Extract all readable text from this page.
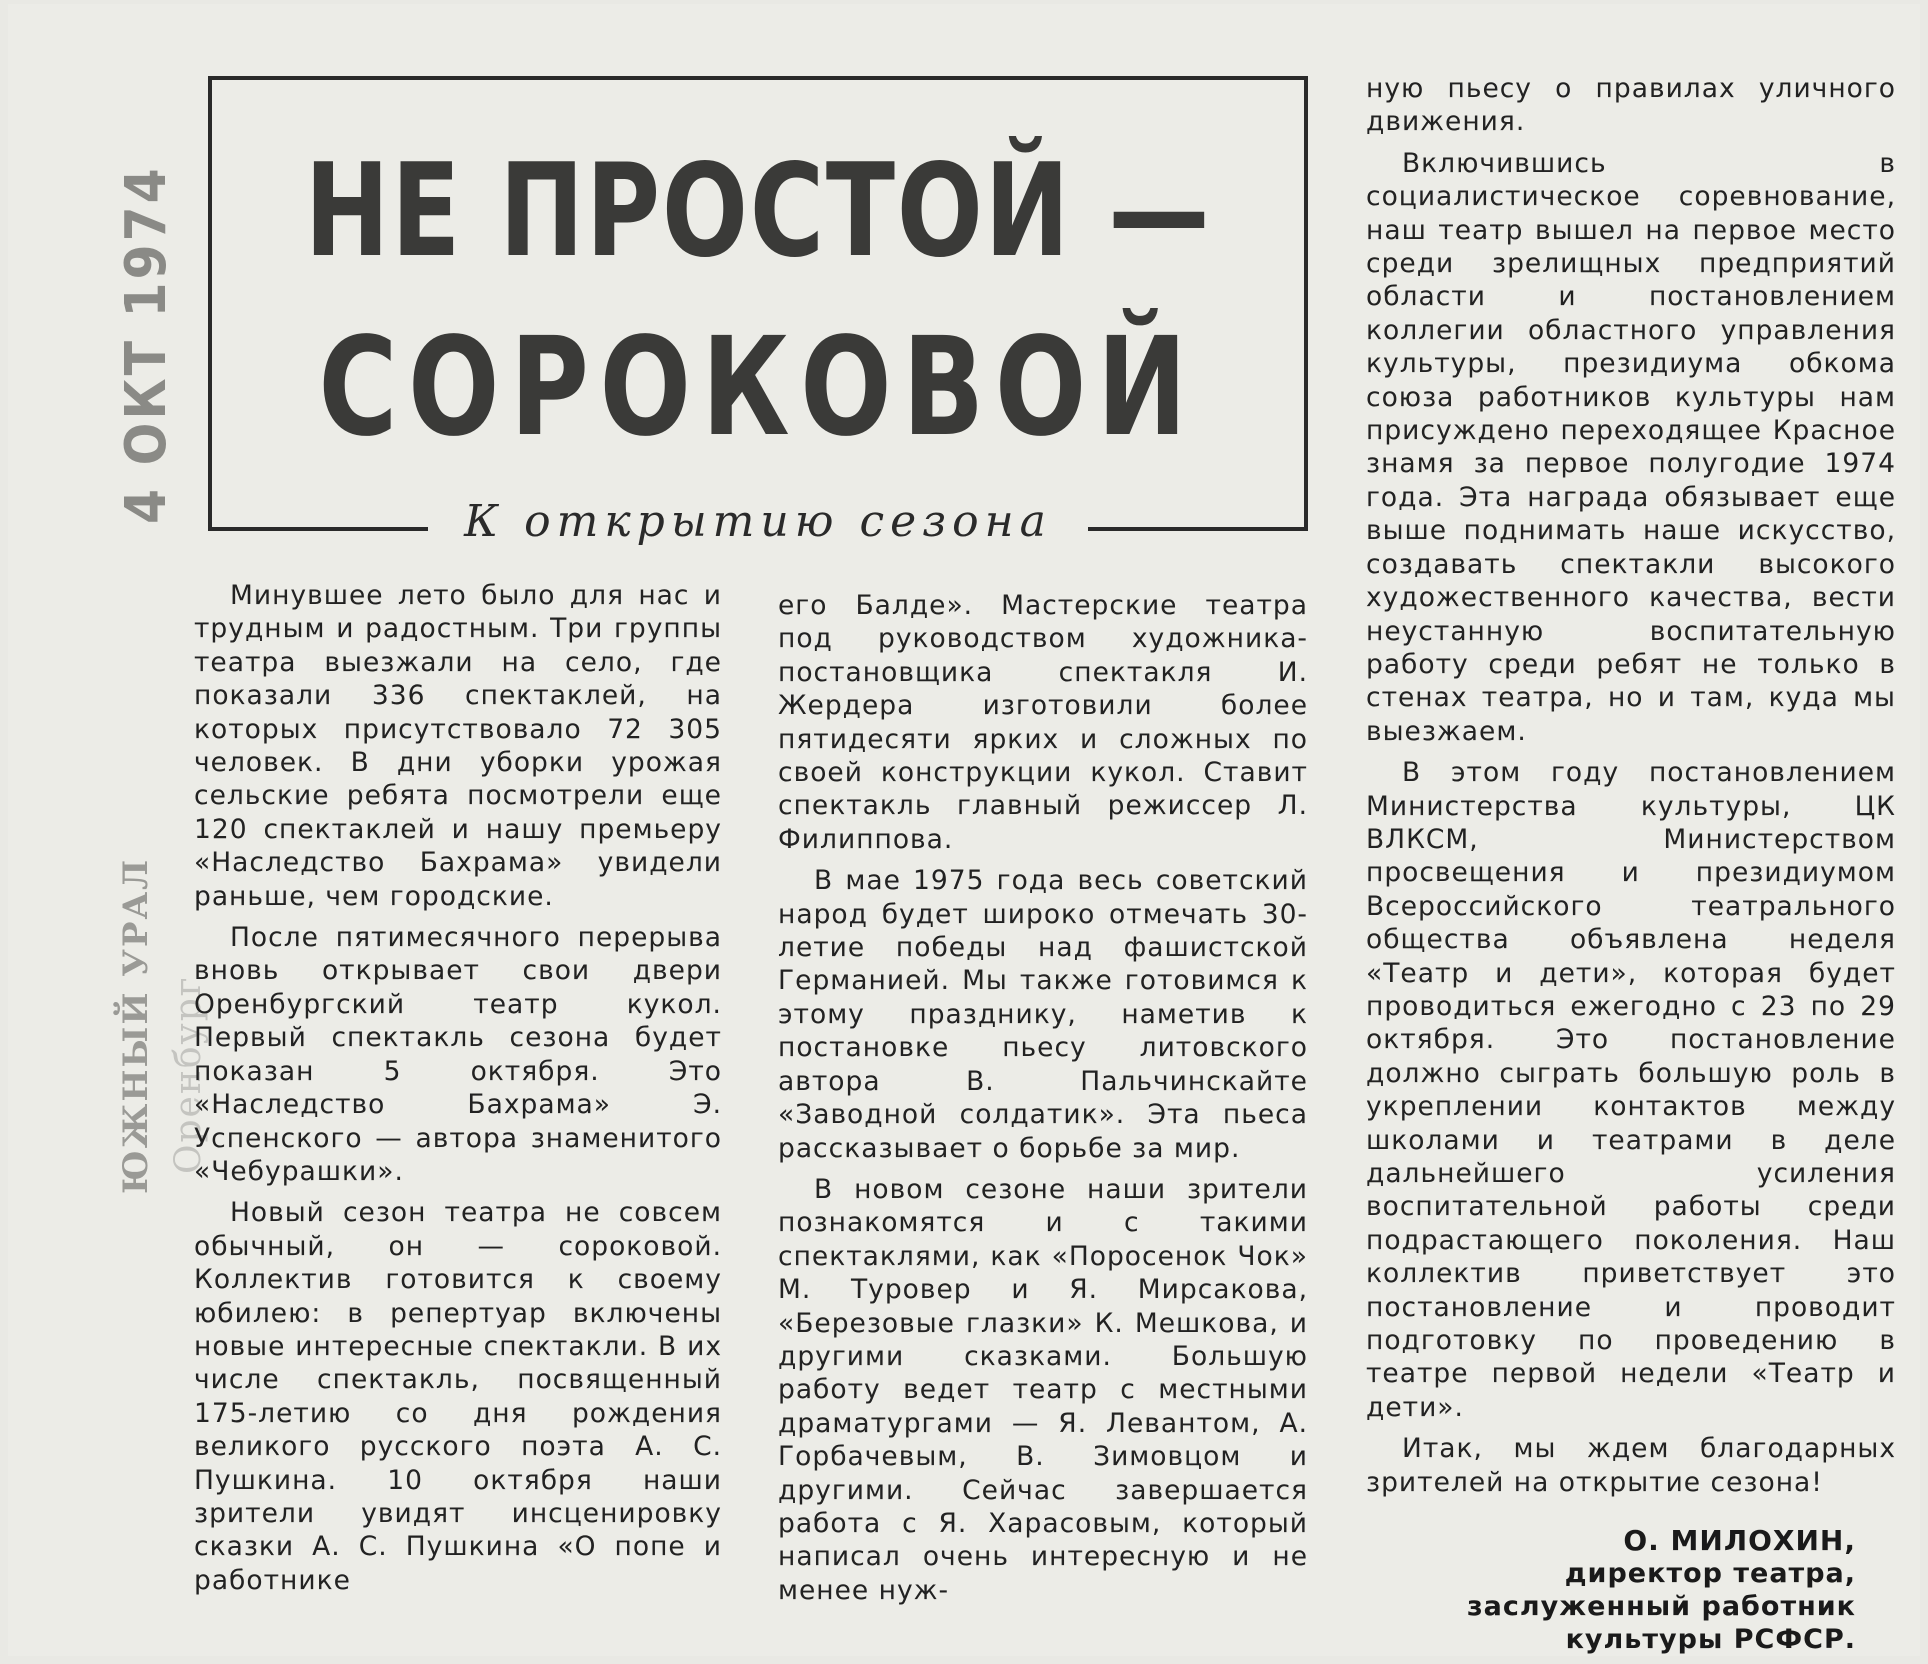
4 ОКТ 1974
ЮЖНЫЙ УРАЛ Оренбург
НЕ ПРОСТОЙ —
СОРОКОВОЙ
К открытию сезона

Минувшее лето было для нас и трудным и радостным. Три группы театра выезжали на село, где показали 336 спектаклей, на которых присутствовало 72 305 человек. В дни уборки урожая сельские ребята посмотрели еще 120 спектаклей и нашу премьеру «Наследство Бахрама» увидели раньше, чем городские.

После пятимесячного перерыва вновь открывает свои двери Оренбургский театр кукол. Первый спектакль сезона будет показан 5 октября. Это «Наследство Бахрама» Э. Успенского — автора знаменитого «Чебурашки».

Новый сезон театра не совсем обычный, он — сороковой. Коллектив готовится к своему юбилею: в репертуар включены новые интересные спектакли. В их числе спектакль, посвященный 175-летию со дня рождения великого русского поэта А. С. Пушкина. 10 октября наши зрители увидят инсценировку сказки А. С. Пушкина «О попе и работнике

его Балде». Мастерские театра под руководством художника-постановщика спектакля И. Жердера изготовили более пятидесяти ярких и сложных по своей конструкции кукол. Ставит спектакль главный режиссер Л. Филиппова.

В мае 1975 года весь советский народ будет широко отмечать 30-летие победы над фашистской Германией. Мы также готовимся к этому празднику, наметив к постановке пьесу литовского автора В. Пальчинскайте «Заводной солдатик». Эта пьеса рассказывает о борьбе за мир.

В новом сезоне наши зрители познакомятся и с такими спектаклями, как «Поросенок Чок» М. Туровер и Я. Мирсакова, «Березовые глазки» К. Мешкова, и другими сказками. Большую работу ведет театр с местными драматургами — Я. Левантом, А. Горбачевым, В. Зимовцом и другими. Сейчас завершается работа с Я. Харасовым, который написал очень интересную и не менее нуж-

ную пьесу о правилах уличного движения.

Включившись в социалистическое соревнование, наш театр вышел на первое место среди зрелищных предприятий области и постановлением коллегии областного управления культуры, президиума обкома союза работников культуры нам присуждено переходящее Красное знамя за первое полугодие 1974 года. Эта награда обязывает еще выше поднимать наше искусство, создавать спектакли высокого художественного качества, вести неустанную воспитательную работу среди ребят не только в стенах театра, но и там, куда мы выезжаем.

В этом году постановлением Министерства культуры, ЦК ВЛКСМ, Министерством просвещения и президиумом Всероссийского театрального общества объявлена неделя «Театр и дети», которая будет проводиться ежегодно с 23 по 29 октября. Это постановление должно сыграть большую роль в укреплении контактов между школами и театрами в деле дальнейшего усиления воспитательной работы среди подрастающего поколения. Наш коллектив приветствует это постановление и проводит подготовку по проведению в театре первой недели «Театр и дети».

Итак, мы ждем благодарных зрителей на открытие сезона!

О. МИЛОХИН,
директор театра,
заслуженный работник
культуры РСФСР.
